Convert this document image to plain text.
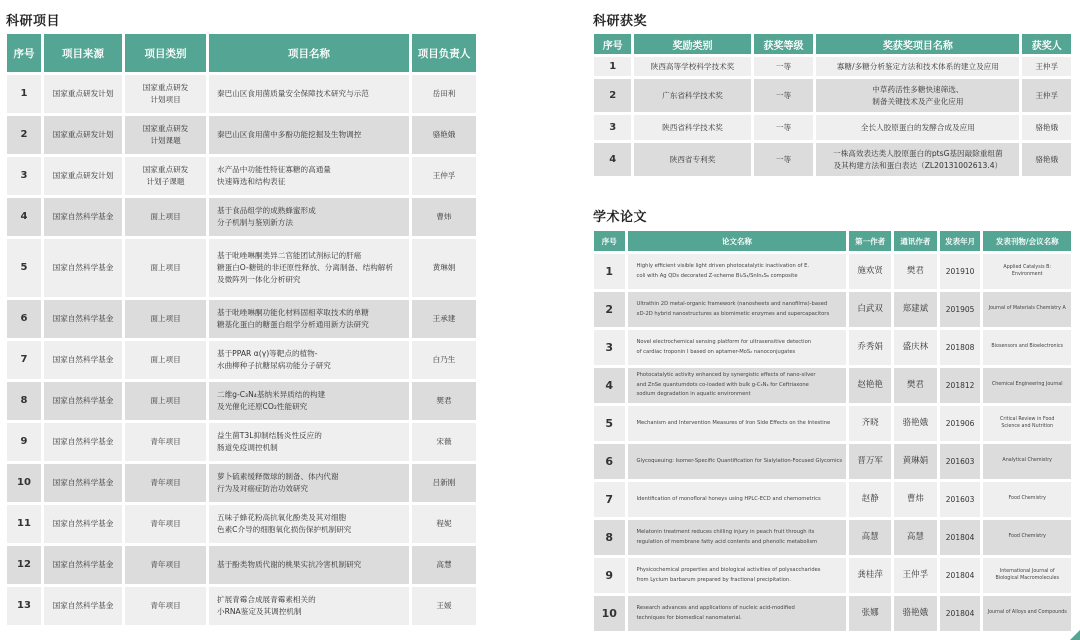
科研项目
序号	项目来源	项目类别	项目名称	项目负责人
1	国家重点研发计划	国家重点研发
计划项目	秦巴山区食用菌质量安全保障技术研究与示范	岳田利
2	国家重点研发计划	国家重点研发
计划课题	秦巴山区食用菌中多酚功能挖掘及生物调控	骆艳娥
3	国家重点研发计划	国家重点研发
计划子课题	水产品中功能性特征寡糖的高通量
快速筛选和结构表征	王仲孚
4	国家自然科学基金	面上项目	基于食品组学的成熟蜂蜜形成
分子机制与鉴别新方法	曹炜
5	国家自然科学基金	面上项目	基于吡唑啉酮类异二官能团试剂标记的肝癌
糖蛋白O-糖链的非还原性释放、分离制备、结构解析
及微阵列一体化分析研究	黄琳娟
6	国家自然科学基金	面上项目	基于吡唑啉酮功能化材料固相萃取技术的单糖
糖基化蛋白的糖蛋白组学分析通用新方法研究	王承建
7	国家自然科学基金	面上项目	基于PPAR α(γ)等靶点的植物-
水曲柳种子抗糖尿病功能分子研究	白乃生
8	国家自然科学基金	面上项目	二维g-C₃N₄基纳米异质结的构建
及光催化还原CO₂性能研究	樊君
9	国家自然科学基金	青年项目	益生菌T3L抑制结肠炎性反应的
肠道免疫调控机制	宋薇
10	国家自然科学基金	青年项目	萝卜硫素缓释微球的制备、体内代谢
行为及对癌症防治功效研究	吕新刚
11	国家自然科学基金	青年项目	五味子蜂花粉高抗氧化酚类及其对细胞
色素C介导的细胞氧化损伤保护机制研究	程妮
12	国家自然科学基金	青年项目	基于酚类物质代谢的桃果实抗冷害机制研究	高慧
13	国家自然科学基金	青年项目	扩展青霉合成展青霉素相关的
小RNA鉴定及其调控机制	王媛
科研获奖
序号	奖励类别	获奖等级	奖获奖项目名称	获奖人
1	陕西高等学校科学技术奖	一等	寡糖/多糖分析鉴定方法和技术体系的建立及应用	王仲孚
2	广东省科学技术奖	一等	中草药活性多糖快速筛选、
制备关键技术及产业化应用	王仲孚
3	陕西省科学技术奖	一等	全长人胶原蛋白的发酵合成及应用	骆艳娥
4	陕西省专利奖	一等	一株高效表达类人胶原蛋白的ptsG基因敲除重组菌
及其构建方法和蛋白表达（ZL20131002613.4）	骆艳娥
学术论文
序号	论文名称	第一作者	通讯作者	发表年月	发表刊物/会议名称
1	Highly efficient visible light driven photocatalytic inactivation of E.
coli with Ag QDs decorated Z-scheme Bi₂S₃/SnIn₄S₈ composite	施欢贤	樊君	201910	Applied Catalysis B: Environment
2	Ultrathin 2D metal-organic framework (nanosheets and nanofilms)-based
xD-2D hybrid nanostructures as biomimetic enzymes and supercapacitors	白武双	郑建斌	201905	Journal of Materials Chemistry A
3	Novel electrochemical sensing platform for ultrasensitive detection
of cardiac troponin I based on aptamer-MoS₂ nanoconjugates	乔秀娟	盛庆林	201808	Biosensors and Bioelectronics
4	Photocatalytic activity enhanced by synergistic effects of nano-silver
and ZnSe quantumdots co-loaded with bulk g-C₃N₄ for Ceftriaxone
sodium degradation in aquatic environment	赵艳艳	樊君	201812	Chemical Engineering Journal
5	Mechanism and Intervention Measures of Iron Side Effects on the Intestine	齐晓	骆艳娥	201906	Critical Review in Food
Science and Nutrition
6	Glycoqueuing: Isomer-Specific Quantification for Sialylation-Focused Glycomics	晋万军	黄琳娟	201603	Analytical Chemistry
7	Identification of monofloral honeys using HPLC-ECD and chemometrics	赵静	曹炜	201603	Food Chemistry
8	Melatonin treatment reduces chilling injury in peach fruit through its
regulation of membrane fatty acid contents and phenolic metabolism	高慧	高慧	201804	Food Chemistry
9	Physicochemical properties and biological activities of polysaccharides
from Lycium barbarum prepared by fractional precipitation.	龚桂萍	王仲孚	201804	International Journal of
Biological Macromolecules
10	Research advances and applications of nucleic acid-modified
techniques for biomedical nanomaterial.	张娜	骆艳娥	201804	Journal of Alloys and Compounds
